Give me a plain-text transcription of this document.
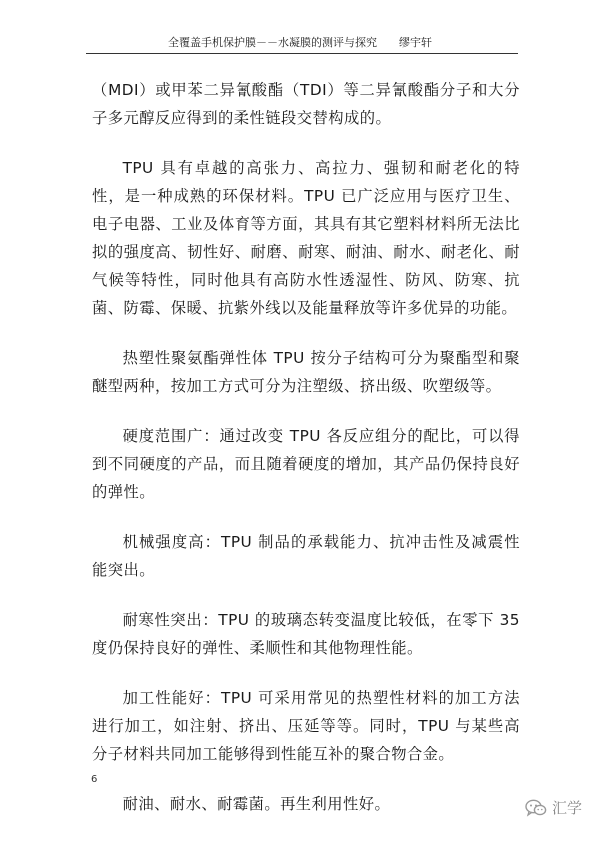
全覆盖手机保护膜－－水凝膜的测评与探究 缪宇轩

（MDI）或甲苯二异氰酸酯（TDI）等二异氰酸酯分子和大分子多元醇反应得到的柔性链段交替构成的。

TPU 具有卓越的高张力、高拉力、强韧和耐老化的特性，是一种成熟的环保材料。TPU 已广泛应用与医疗卫生、电子电器、工业及体育等方面，其具有其它塑料材料所无法比拟的强度高、韧性好、耐磨、耐寒、耐油、耐水、耐老化、耐气候等特性，同时他具有高防水性透湿性、防风、防寒、抗菌、防霉、保暖、抗紫外线以及能量释放等许多优异的功能。

热塑性聚氨酯弹性体 TPU 按分子结构可分为聚酯型和聚醚型两种，按加工方式可分为注塑级、挤出级、吹塑级等。

硬度范围广：通过改变 TPU 各反应组分的配比，可以得到不同硬度的产品，而且随着硬度的增加，其产品仍保持良好的弹性。

机械强度高：TPU 制品的承载能力、抗冲击性及减震性能突出。

耐寒性突出：TPU 的玻璃态转变温度比较低，在零下 35 度仍保持良好的弹性、柔顺性和其他物理性能。

加工性能好：TPU 可采用常见的热塑性材料的加工方法进行加工，如注射、挤出、压延等等。同时，TPU 与某些高分子材料共同加工能够得到性能互补的聚合物合金。

耐油、耐水、耐霉菌。再生利用性好。

6
汇学
